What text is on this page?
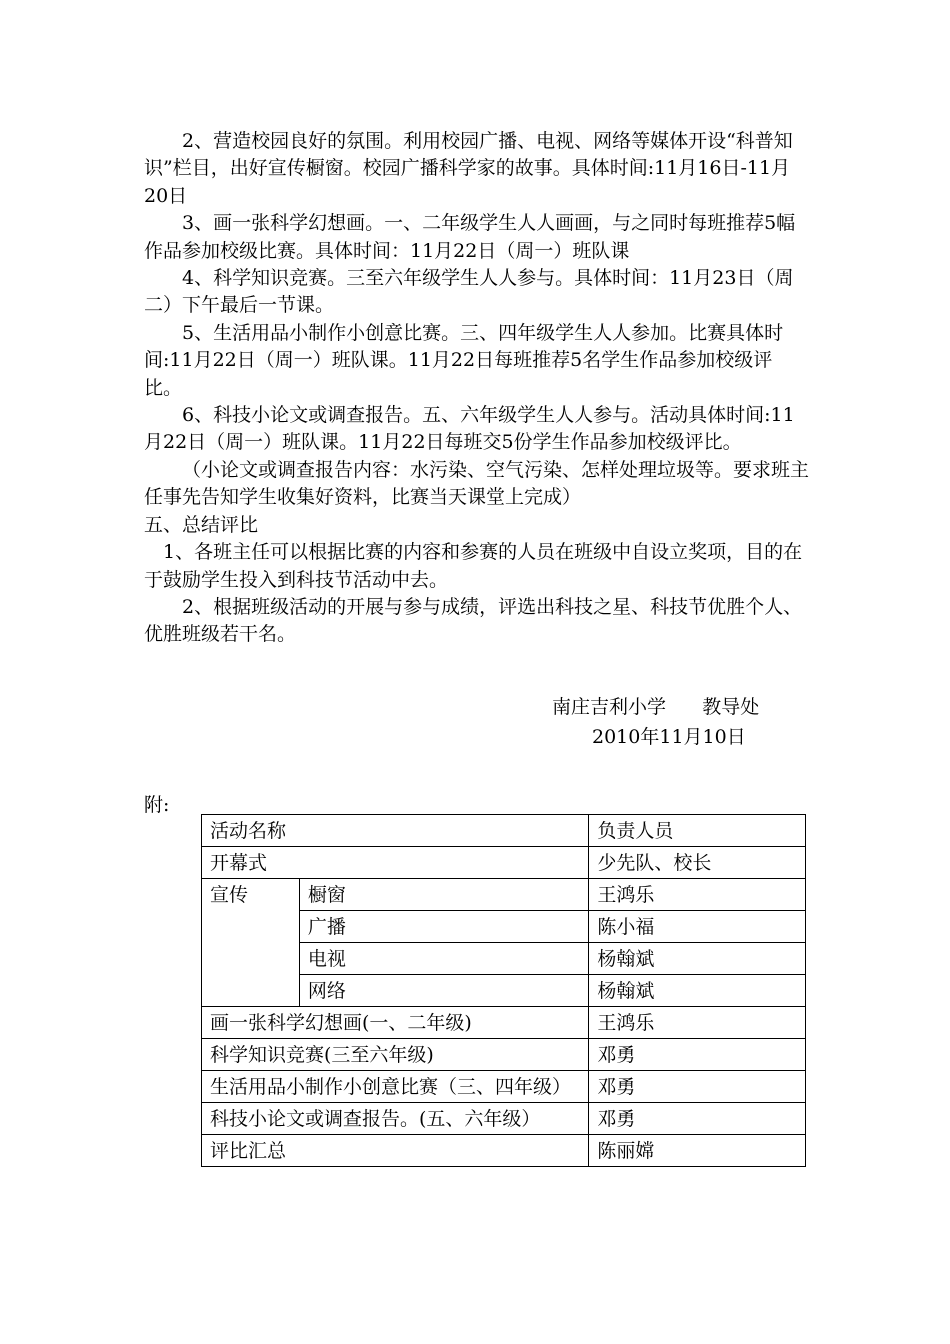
2、营造校园良好的氛围。利用校园广播、电视、网络等媒体开设“科普知识”栏目，出好宣传橱窗。校园广播科学家的故事。具体时间:11月16日-11月20日

3、画一张科学幻想画。一、二年级学生人人画画，与之同时每班推荐5幅作品参加校级比赛。具体时间：11月22日（周一）班队课

4、科学知识竞赛。三至六年级学生人人参与。具体时间：11月23日（周二）下午最后一节课。

5、生活用品小制作小创意比赛。三、四年级学生人人参加。比赛具体时间:11月22日（周一）班队课。11月22日每班推荐5名学生作品参加校级评比。

6、科技小论文或调查报告。五、六年级学生人人参与。活动具体时间:11月22日（周一）班队课。11月22日每班交5份学生作品参加校级评比。

（小论文或调查报告内容：水污染、空气污染、怎样处理垃圾等。要求班主任事先告知学生收集好资料，比赛当天课堂上完成）

五、总结评比

1、各班主任可以根据比赛的内容和参赛的人员在班级中自设立奖项，目的在于鼓励学生投入到科技节活动中去。

2、根据班级活动的开展与参与成绩，评选出科技之星、科技节优胜个人、优胜班级若干名。

南庄吉利小学      教导处
2010年11月10日
附:
活动名称		负责人员
开幕式		少先队、校长
宣传	橱窗	王鸿乐
	广播	陈小福
	电视	杨翰斌
	网络	杨翰斌
画一张科学幻想画(一、二年级)		王鸿乐
科学知识竞赛(三至六年级)		邓勇
生活用品小制作小创意比赛（三、四年级）		邓勇
科技小论文或调查报告。(五、六年级）		邓勇
评比汇总		陈丽嫦
